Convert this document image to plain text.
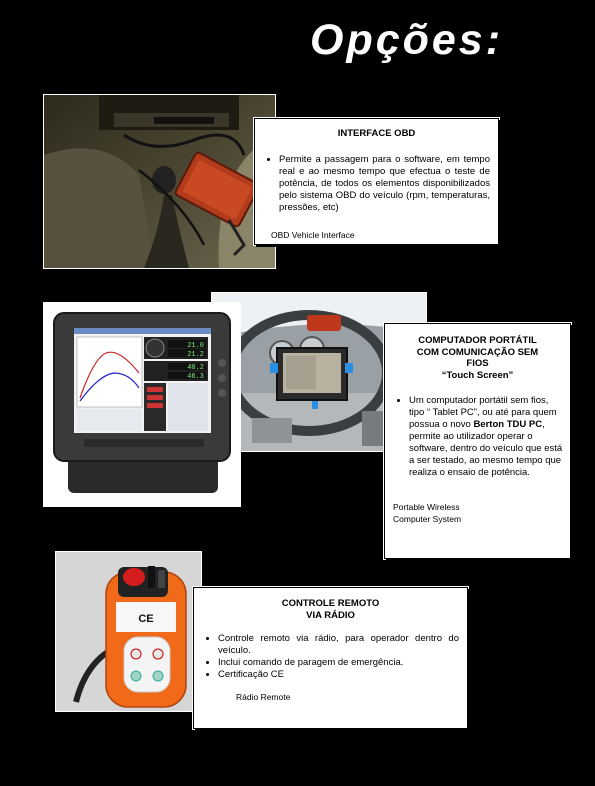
Opções:
INTERFACE OBD
• Permite a passagem para o software, em tempo real e ao mesmo tempo que efectua o teste de potência, de todos os elementos disponibilizados pelo sistema OBD do veículo (rpm, temperaturas, pressões, etc)
OBD Vehicle Interface
21.0
21.2
40.2
46.3
COMPUTADOR PORTÁTIL
COM COMUNICAÇÃO SEM
FIOS
“Touch Screen”
• Um computador portátil sem fios, tipo “ Tablet PC”, ou até para quem possua o novo Berton TDU PC, permite ao utilizador operar o software, dentro do veículo que está a ser testado, ao mesmo tempo que realiza o ensaio de potência.
Portable Wireless
Computer System
CE
CONTROLE REMOTO
VIA RÁDIO
• Controle remoto via rádio, para operador dentro do veículo.
• Inclui comando de paragem de emergência.
• Certificação CE
Rádio Remote
